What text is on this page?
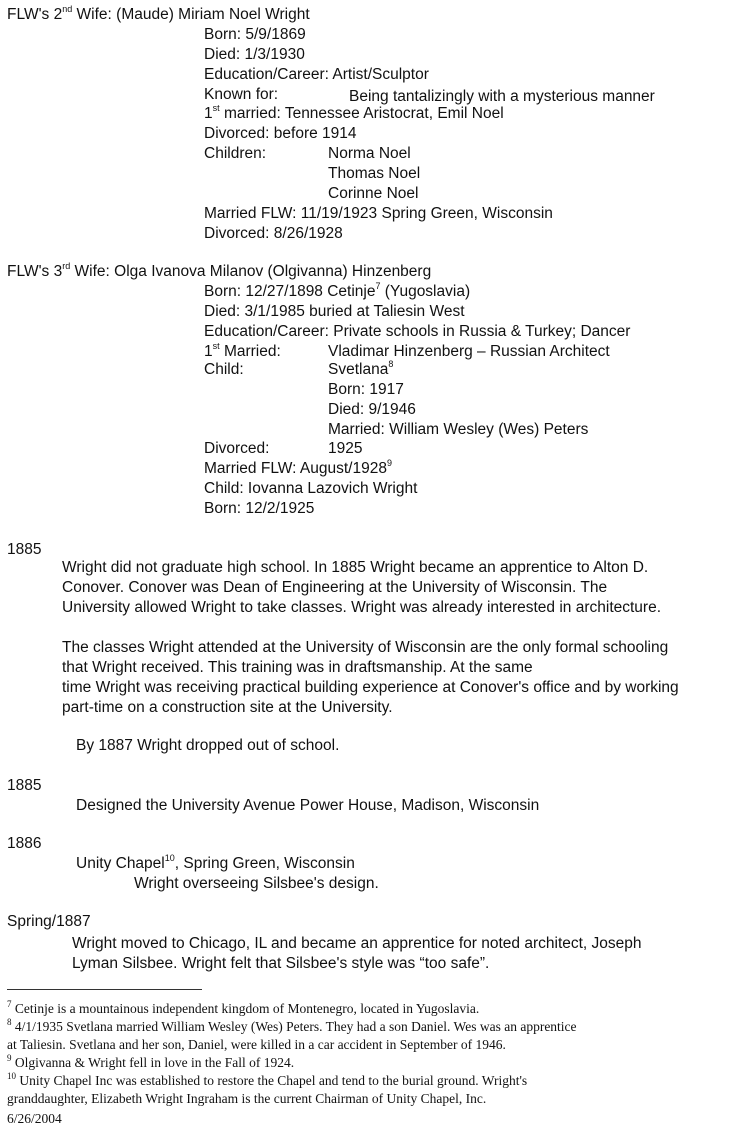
FLW's 2nd Wife: (Maude) Miriam Noel Wright
Born: 5/9/1869
Died: 1/3/1930
Education/Career: Artist/Sculptor
Known for:	Being tantalizingly with a mysterious manner
1st married: Tennessee Aristocrat, Emil Noel
Divorced: before 1914
Children:	Norma Noel
Thomas Noel
Corinne Noel
Married FLW: 11/19/1923 Spring Green, Wisconsin
Divorced: 8/26/1928
FLW's 3rd Wife: Olga Ivanova Milanov (Olgivanna) Hinzenberg
Born: 12/27/1898 Cetinje$^7$ (Yugoslavia)
Died: 3/1/1985 buried at Taliesin West
Education/Career: Private schools in Russia & Turkey; Dancer
1st Married:	Vladimar Hinzenberg – Russian Architect
Child:	Svetlana$^8$
Born: 1917
Died: 9/1946
Married: William Wesley (Wes) Peters
Divorced:	1925
Married FLW: August/1928$^9$
Child: Iovanna Lazovich Wright
Born: 12/2/1925
1885
Wright did not graduate high school. In 1885 Wright became an apprentice to Alton D.
Conover. Conover was Dean of Engineering at the University of Wisconsin. The
University allowed Wright to take classes. Wright was already interested in architecture.
The classes Wright attended at the University of Wisconsin are the only formal schooling
that Wright received. This training was in draftsmanship. At the same
time Wright was receiving practical building experience at Conover's office and by working
part-time on a construction site at the University.
By 1887 Wright dropped out of school.
1885
Designed the University Avenue Power House, Madison, Wisconsin
1886
Unity Chapel$^{10}$, Spring Green, Wisconsin
Wright overseeing Silsbee's design.
Spring/1887
Wright moved to Chicago, IL and became an apprentice for noted architect, Joseph
Lyman Silsbee. Wright felt that Silsbee's style was “too safe”.
$^7$ Cetinje is a mountainous independent kingdom of Montenegro, located in Yugoslavia.
$^8$ 4/1/1935 Svetlana married William Wesley (Wes) Peters. They had a son Daniel. Wes was an apprentice
at Taliesin. Svetlana and her son, Daniel, were killed in a car accident in September of 1946.
$^9$ Olgivanna & Wright fell in love in the Fall of 1924.
$^{10}$ Unity Chapel Inc was established to restore the Chapel and tend to the burial ground. Wright's
granddaughter, Elizabeth Wright Ingraham is the current Chairman of Unity Chapel, Inc.
6/26/2004
